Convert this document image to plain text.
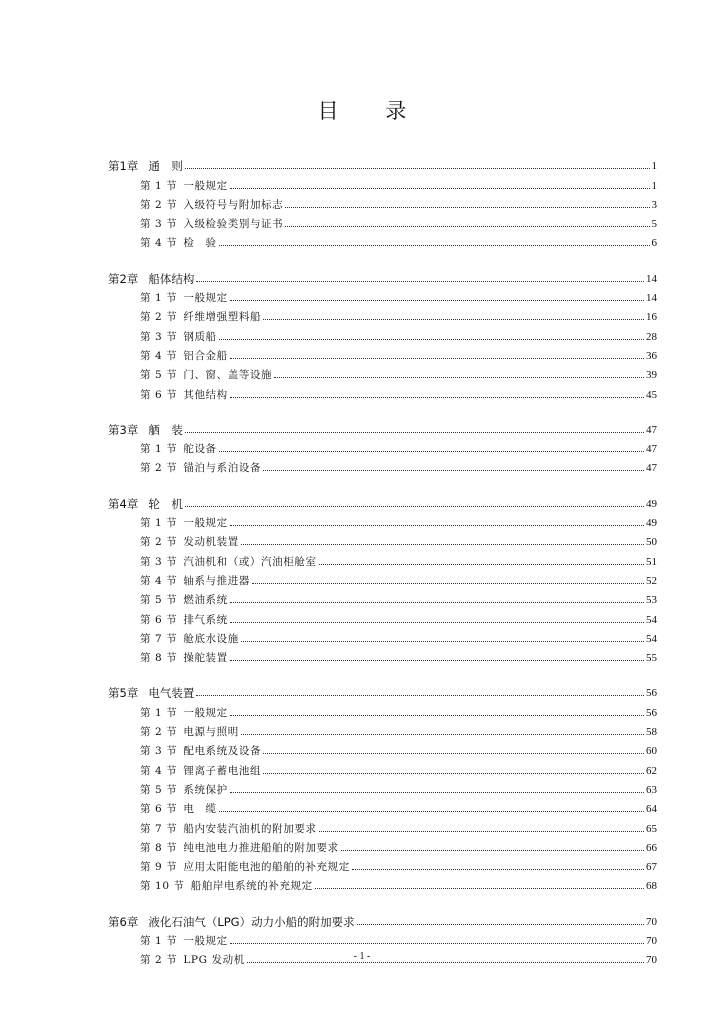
目 录
第1章 通　则	1
第 1 节 一般规定	1
第 2 节 入级符号与附加标志	3
第 3 节 入级检验类别与证书	5
第 4 节 检　验	6
第2章 船体结构	14
第 1 节 一般规定	14
第 2 节 纤维增强塑料船	16
第 3 节 钢质船	28
第 4 节 铝合金船	36
第 5 节 门、窗、盖等设施	39
第 6 节 其他结构	45
第3章 舾　装	47
第 1 节 舵设备	47
第 2 节 锚泊与系泊设备	47
第4章 轮　机	49
第 1 节 一般规定	49
第 2 节 发动机装置	50
第 3 节 汽油机和（或）汽油柜舱室	51
第 4 节 轴系与推进器	52
第 5 节 燃油系统	53
第 6 节 排气系统	54
第 7 节 舱底水设施	54
第 8 节 操舵装置	55
第5章 电气装置	56
第 1 节 一般规定	56
第 2 节 电源与照明	58
第 3 节 配电系统及设备	60
第 4 节 锂离子蓄电池组	62
第 5 节 系统保护	63
第 6 节 电　缆	64
第 7 节 船内安装汽油机的附加要求	65
第 8 节 纯电池电力推进船舶的附加要求	66
第 9 节 应用太阳能电池的船舶的补充规定	67
第 10 节 船舶岸电系统的补充规定	68
第6章 液化石油气（LPG）动力小船的附加要求	70
第 1 节 一般规定	70
第 2 节 LPG 发动机	70
- 1 -
